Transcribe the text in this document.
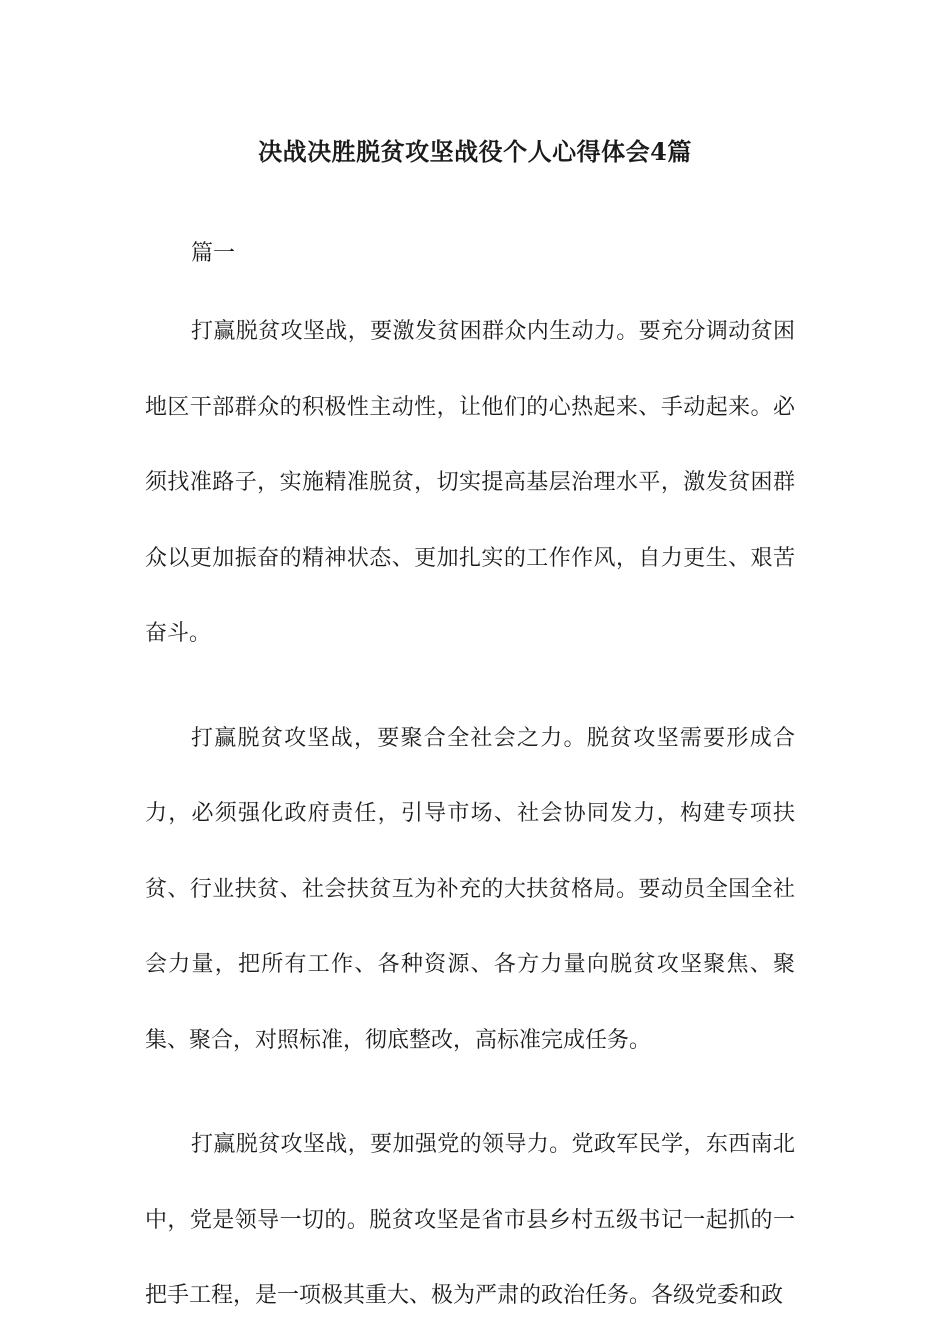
决战决胜脱贫攻坚战役个人心得体会4篇

篇一

打赢脱贫攻坚战，要激发贫困群众内生动力。要充分调动贫困地区干部群众的积极性主动性，让他们的心热起来、手动起来。必须找准路子，实施精准脱贫，切实提高基层治理水平，激发贫困群众以更加振奋的精神状态、更加扎实的工作作风，自力更生、艰苦奋斗。

打赢脱贫攻坚战，要聚合全社会之力。脱贫攻坚需要形成合力，必须强化政府责任，引导市场、社会协同发力，构建专项扶贫、行业扶贫、社会扶贫互为补充的大扶贫格局。要动员全国全社会力量，把所有工作、各种资源、各方力量向脱贫攻坚聚焦、聚集、聚合，对照标准，彻底整改，高标准完成任务。

打赢脱贫攻坚战，要加强党的领导力。党政军民学，东西南北中，党是领导一切的。脱贫攻坚是省市县乡村五级书记一起抓的一把手工程，是一项极其重大、极为严肃的政治任务。各级党委和政
